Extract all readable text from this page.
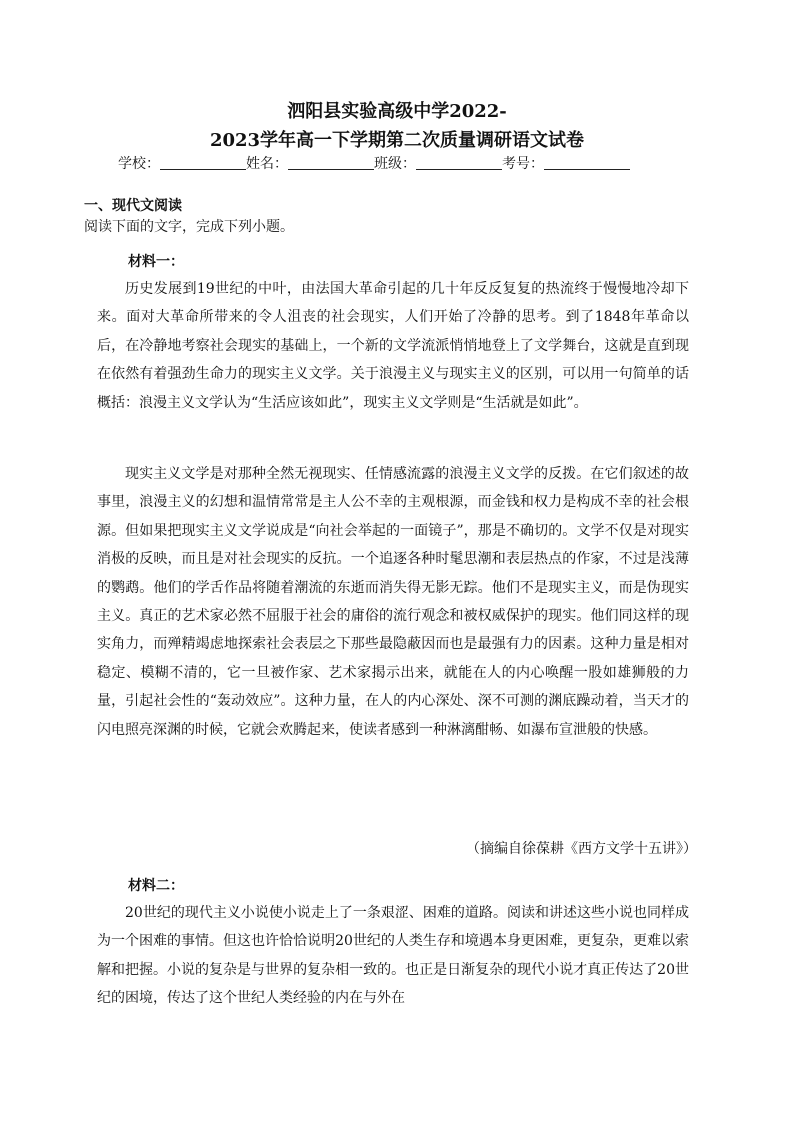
泗阳县实验高级中学2022-
2023学年高一下学期第二次质量调研语文试卷
学校：	姓名：	班级：	考号：
一、现代文阅读
阅读下面的文字，完成下列小题。
材料一：
历史发展到19世纪的中叶，由法国大革命引起的几十年反反复复的热流终于慢慢地冷却下来。面对大革命所带来的令人沮丧的社会现实，人们开始了冷静的思考。到了1848年革命以后，在冷静地考察社会现实的基础上，一个新的文学流派悄悄地登上了文学舞台，这就是直到现在依然有着强劲生命力的现实主义文学。关于浪漫主义与现实主义的区别，可以用一句简单的话概括：浪漫主义文学认为“生活应该如此”，现实主义文学则是“生活就是如此”。
现实主义文学是对那种全然无视现实、任情感流露的浪漫主义文学的反拨。在它们叙述的故事里，浪漫主义的幻想和温情常常是主人公不幸的主观根源，而金钱和权力是构成不幸的社会根源。但如果把现实主义文学说成是“向社会举起的一面镜子”，那是不确切的。文学不仅是对现实消极的反映，而且是对社会现实的反抗。一个追逐各种时髦思潮和表层热点的作家，不过是浅薄的鹦鹉。他们的学舌作品将随着潮流的东逝而消失得无影无踪。他们不是现实主义，而是伪现实主义。真正的艺术家必然不屈服于社会的庸俗的流行观念和被权威保护的现实。他们同这样的现实角力，而殚精竭虑地探索社会表层之下那些最隐蔽因而也是最强有力的因素。这种力量是相对稳定、模糊不清的，它一旦被作家、艺术家揭示出来，就能在人的内心唤醒一股如雄狮般的力量，引起社会性的“轰动效应”。这种力量，在人的内心深处、深不可测的渊底躁动着，当天才的闪电照亮深渊的时候，它就会欢腾起来，使读者感到一种淋漓酣畅、如瀑布宣泄般的快感。
（摘编自徐葆耕《西方文学十五讲》）
材料二：
20世纪的现代主义小说使小说走上了一条艰涩、困难的道路。阅读和讲述这些小说也同样成为一个困难的事情。但这也许恰恰说明20世纪的人类生存和境遇本身更困难，更复杂，更难以索解和把握。小说的复杂是与世界的复杂相一致的。也正是日渐复杂的现代小说才真正传达了20世纪的困境，传达了这个世纪人类经验的内在与外在
